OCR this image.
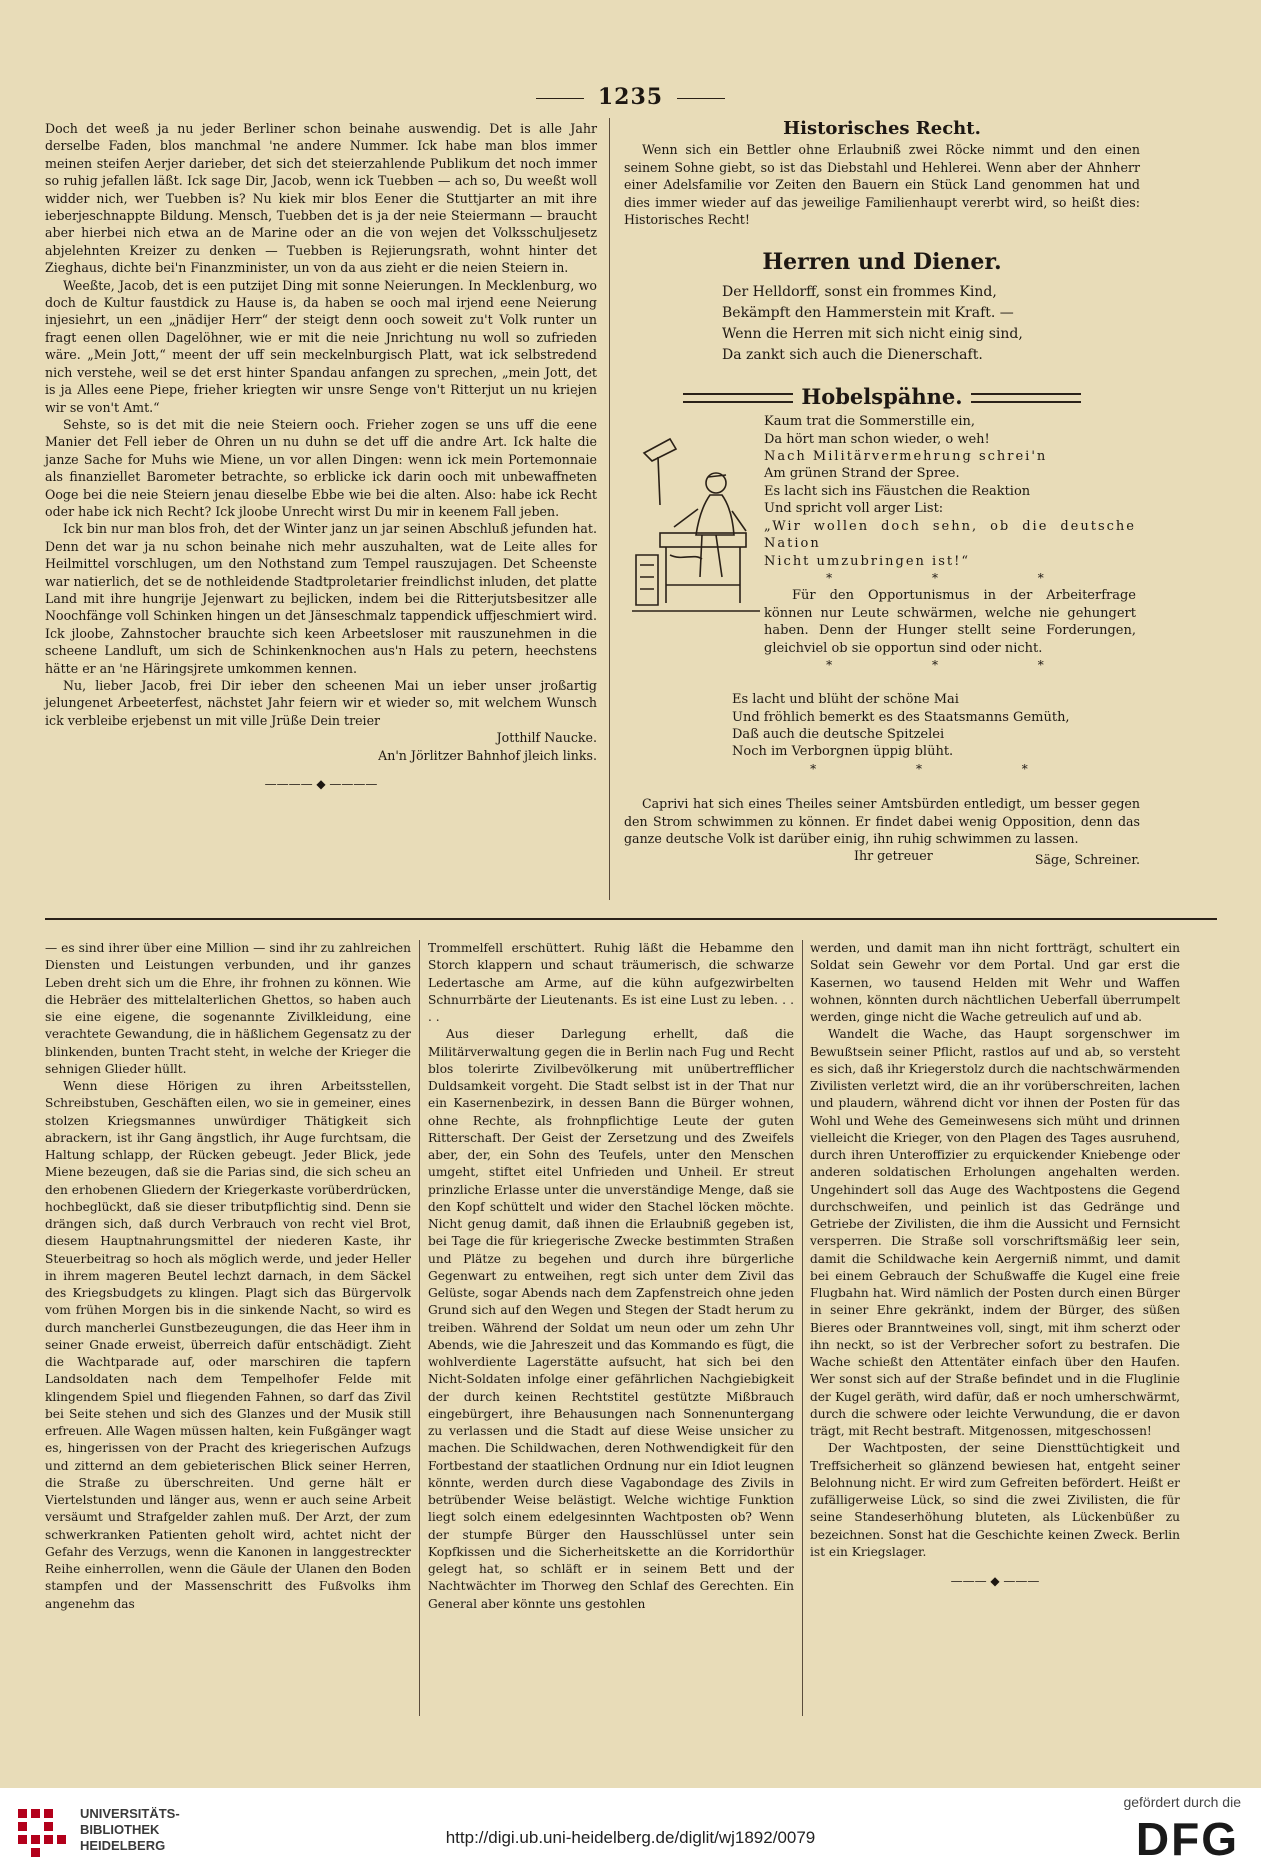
1235

Doch det weeß ja nu jeder Berliner schon beinahe auswendig. Det is alle Jahr derselbe Faden, blos manchmal 'ne andere Nummer. Ick habe man blos immer meinen steifen Aerjer darieber, det sich det steierzahlende Publikum det noch immer so ruhig jefallen läßt. Ick sage Dir, Jacob, wenn ick Tuebben — ach so, Du weeßt woll widder nich, wer Tuebben is? Nu kiek mir blos Eener die Stuttjarter an mit ihre ieberjeschnappte Bildung. Mensch, Tuebben det is ja der neie Steiermann — braucht aber hierbei nich etwa an de Marine oder an die von wejen det Volksschuljesetz abjelehnten Kreizer zu denken — Tuebben is Rejierungsrath, wohnt hinter det Zieghaus, dichte bei'n Finanzminister, un von da aus zieht er die neien Steiern in.

Weeßte, Jacob, det is een putzijet Ding mit sonne Neierungen. In Mecklenburg, wo doch de Kultur faustdick zu Hause is, da haben se ooch mal irjend eene Neierung injesiehrt, un een „jnädijer Herr“ der steigt denn ooch soweit zu't Volk runter un fragt eenen ollen Dagelöhner, wie er mit die neie Jnrichtung nu woll so zufrieden wäre. „Mein Jott,“ meent der uff sein meckelnburgisch Platt, wat ick selbstredend nich verstehe, weil se det erst hinter Spandau anfangen zu sprechen, „mein Jott, det is ja Alles eene Piepe, frieher kriegten wir unsre Senge von't Ritterjut un nu kriejen wir se von't Amt.“

Sehste, so is det mit die neie Steiern ooch. Frieher zogen se uns uff die eene Manier det Fell ieber de Ohren un nu duhn se det uff die andre Art. Ick halte die janze Sache for Muhs wie Miene, un vor allen Dingen: wenn ick mein Portemonnaie als finanziellet Barometer betrachte, so erblicke ick darin ooch mit unbewaffneten Ooge bei die neie Steiern jenau dieselbe Ebbe wie bei die alten. Also: habe ick Recht oder habe ick nich Recht? Ick jloobe Unrecht wirst Du mir in keenem Fall jeben.

Ick bin nur man blos froh, det der Winter janz un jar seinen Abschluß jefunden hat. Denn det war ja nu schon beinahe nich mehr auszuhalten, wat de Leite alles for Heilmittel vorschlugen, um den Nothstand zum Tempel rauszujagen. Det Scheenste war natierlich, det se de nothleidende Stadtproletarier freindlichst inluden, det platte Land mit ihre hungrije Jejenwart zu bejlicken, indem bei die Ritterjutsbesitzer alle Noochfänge voll Schinken hingen un det Jänseschmalz tappendick uffjeschmiert wird. Ick jloobe, Zahnstocher brauchte sich keen Arbeetsloser mit rauszunehmen in die scheene Landluft, um sich de Schinkenknochen aus'n Hals zu petern, heechstens hätte er an 'ne Häringsjrete umkommen kennen.

Nu, lieber Jacob, frei Dir ieber den scheenen Mai un ieber unser jroßartig jelungenet Arbeeterfest, nächstet Jahr feiern wir et wieder so, mit welchem Wunsch ick verbleibe erjebenst un mit ville Jrüße Dein treier

Jotthilf Naucke.

An'n Jörlitzer Bahnhof jleich links.

———— ◆ ————
Historisches Recht.

Wenn sich ein Bettler ohne Erlaubniß zwei Röcke nimmt und den einen seinem Sohne giebt, so ist das Diebstahl und Hehlerei. Wenn aber der Ahnherr einer Adelsfamilie vor Zeiten den Bauern ein Stück Land genommen hat und dies immer wieder auf das jeweilige Familienhaupt vererbt wird, so heißt dies: Historisches Recht!

Herren und Diener.
Der Helldorff, sonst ein frommes Kind,
Bekämpft den Hammerstein mit Kraft. —
Wenn die Herren mit sich nicht einig sind,
Da zankt sich auch die Dienerschaft.
Hobelspähne.
Kaum trat die Sommerstille ein,
Da hört man schon wieder, o weh!
Nach Militärvermehrung schrei'n
Am grünen Strand der Spree.
Es lacht sich ins Fäustchen die Reaktion
Und spricht voll arger List:
„Wir wollen doch sehn, ob die deutsche Nation
Nicht umzubringen ist!“

* * *

Für den Opportunismus in der Arbeiterfrage können nur Leute schwärmen, welche nie gehungert haben. Denn der Hunger stellt seine Forderungen, gleichviel ob sie opportun sind oder nicht.

* * *

Es lacht und blüht der schöne Mai
Und fröhlich bemerkt es des Staatsmanns Gemüth,
Daß auch die deutsche Spitzelei
Noch im Verborgnen üppig blüht.

* * *

Caprivi hat sich eines Theiles seiner Amtsbürden entledigt, um besser gegen den Strom schwimmen zu können. Er findet dabei wenig Opposition, denn das ganze deutsche Volk ist darüber einig, ihn ruhig schwimmen zu lassen.

Ihr getreuer	Säge, Schreiner.

— es sind ihrer über eine Million — sind ihr zu zahlreichen Diensten und Leistungen verbunden, und ihr ganzes Leben dreht sich um die Ehre, ihr frohnen zu können. Wie die Hebräer des mittelalterlichen Ghettos, so haben auch sie eine eigene, die sogenannte Zivilkleidung, eine verachtete Gewandung, die in häßlichem Gegensatz zu der blinkenden, bunten Tracht steht, in welche der Krieger die sehnigen Glieder hüllt.

Wenn diese Hörigen zu ihren Arbeitsstellen, Schreibstuben, Geschäften eilen, wo sie in gemeiner, eines stolzen Kriegsmannes unwürdiger Thätigkeit sich abrackern, ist ihr Gang ängstlich, ihr Auge furchtsam, die Haltung schlapp, der Rücken gebeugt. Jeder Blick, jede Miene bezeugen, daß sie die Parias sind, die sich scheu an den erhobenen Gliedern der Kriegerkaste vorüberdrücken, hochbeglückt, daß sie dieser tributpflichtig sind. Denn sie drängen sich, daß durch Verbrauch von recht viel Brot, diesem Hauptnahrungsmittel der niederen Kaste, ihr Steuerbeitrag so hoch als möglich werde, und jeder Heller in ihrem mageren Beutel lechzt darnach, in dem Säckel des Kriegsbudgets zu klingen. Plagt sich das Bürgervolk vom frühen Morgen bis in die sinkende Nacht, so wird es durch mancherlei Gunstbezeugungen, die das Heer ihm in seiner Gnade erweist, überreich dafür entschädigt. Zieht die Wachtparade auf, oder marschiren die tapfern Landsoldaten nach dem Tempelhofer Felde mit klingendem Spiel und fliegenden Fahnen, so darf das Zivil bei Seite stehen und sich des Glanzes und der Musik still erfreuen. Alle Wagen müssen halten, kein Fußgänger wagt es, hingerissen von der Pracht des kriegerischen Aufzugs und zitternd an dem gebieterischen Blick seiner Herren, die Straße zu überschreiten. Und gerne hält er Viertelstunden und länger aus, wenn er auch seine Arbeit versäumt und Strafgelder zahlen muß. Der Arzt, der zum schwerkranken Patienten geholt wird, achtet nicht der Gefahr des Verzugs, wenn die Kanonen in langgestreckter Reihe einherrollen, wenn die Gäule der Ulanen den Boden stampfen und der Massenschritt des Fußvolks ihm angenehm das

Trommelfell erschüttert. Ruhig läßt die Hebamme den Storch klappern und schaut träumerisch, die schwarze Ledertasche am Arme, auf die kühn aufgezwirbelten Schnurrbärte der Lieutenants. Es ist eine Lust zu leben. . . . .

Aus dieser Darlegung erhellt, daß die Militärverwaltung gegen die in Berlin nach Fug und Recht blos tolerirte Zivilbevölkerung mit unübertrefflicher Duldsamkeit vorgeht. Die Stadt selbst ist in der That nur ein Kasernenbezirk, in dessen Bann die Bürger wohnen, ohne Rechte, als frohnpflichtige Leute der guten Ritterschaft. Der Geist der Zersetzung und des Zweifels aber, der, ein Sohn des Teufels, unter den Menschen umgeht, stiftet eitel Unfrieden und Unheil. Er streut prinzliche Erlasse unter die unverständige Menge, daß sie den Kopf schüttelt und wider den Stachel löcken möchte. Nicht genug damit, daß ihnen die Erlaubniß gegeben ist, bei Tage die für kriegerische Zwecke bestimmten Straßen und Plätze zu begehen und durch ihre bürgerliche Gegenwart zu entweihen, regt sich unter dem Zivil das Gelüste, sogar Abends nach dem Zapfenstreich ohne jeden Grund sich auf den Wegen und Stegen der Stadt herum zu treiben. Während der Soldat um neun oder um zehn Uhr Abends, wie die Jahreszeit und das Kommando es fügt, die wohlverdiente Lagerstätte aufsucht, hat sich bei den Nicht-Soldaten infolge einer gefährlichen Nachgiebigkeit der durch keinen Rechtstitel gestützte Mißbrauch eingebürgert, ihre Behausungen nach Sonnenuntergang zu verlassen und die Stadt auf diese Weise unsicher zu machen. Die Schildwachen, deren Nothwendigkeit für den Fortbestand der staatlichen Ordnung nur ein Idiot leugnen könnte, werden durch diese Vagabondage des Zivils in betrübender Weise belästigt. Welche wichtige Funktion liegt solch einem edelgesinnten Wachtposten ob? Wenn der stumpfe Bürger den Hausschlüssel unter sein Kopfkissen und die Sicherheitskette an die Korridorthür gelegt hat, so schläft er in seinem Bett und der Nachtwächter im Thorweg den Schlaf des Gerechten. Ein General aber könnte uns gestohlen

werden, und damit man ihn nicht fortträgt, schultert ein Soldat sein Gewehr vor dem Portal. Und gar erst die Kasernen, wo tausend Helden mit Wehr und Waffen wohnen, könnten durch nächtlichen Ueberfall überrumpelt werden, ginge nicht die Wache getreulich auf und ab.

Wandelt die Wache, das Haupt sorgenschwer im Bewußtsein seiner Pflicht, rastlos auf und ab, so versteht es sich, daß ihr Kriegerstolz durch die nachtschwärmenden Zivilisten verletzt wird, die an ihr vorüberschreiten, lachen und plaudern, während dicht vor ihnen der Posten für das Wohl und Wehe des Gemeinwesens sich müht und drinnen vielleicht die Krieger, von den Plagen des Tages ausruhend, durch ihren Unteroffizier zu erquickender Kniebenge oder anderen soldatischen Erholungen angehalten werden. Ungehindert soll das Auge des Wachtpostens die Gegend durchschweifen, und peinlich ist das Gedränge und Getriebe der Zivilisten, die ihm die Aussicht und Fernsicht versperren. Die Straße soll vorschriftsmäßig leer sein, damit die Schildwache kein Aergerniß nimmt, und damit bei einem Gebrauch der Schußwaffe die Kugel eine freie Flugbahn hat. Wird nämlich der Posten durch einen Bürger in seiner Ehre gekränkt, indem der Bürger, des süßen Bieres oder Branntweines voll, singt, mit ihm scherzt oder ihn neckt, so ist der Verbrecher sofort zu bestrafen. Die Wache schießt den Attentäter einfach über den Haufen. Wer sonst sich auf der Straße befindet und in die Fluglinie der Kugel geräth, wird dafür, daß er noch umherschwärmt, durch die schwere oder leichte Verwundung, die er davon trägt, mit Recht bestraft. Mitgenossen, mitgeschossen!

Der Wachtposten, der seine Diensttüchtigkeit und Treffsicherheit so glänzend bewiesen hat, entgeht seiner Belohnung nicht. Er wird zum Gefreiten befördert. Heißt er zufälligerweise Lück, so sind die zwei Zivilisten, die für seine Standeserhöhung bluteten, als Lückenbüßer zu bezeichnen. Sonst hat die Geschichte keinen Zweck. Berlin ist ein Kriegslager.

——— ◆ ———
UNIVERSITÄTS-
BIBLIOTHEK
HEIDELBERG	http://digi.ub.uni-heidelberg.de/diglit/wj1892/0079
gefördert durch die
DFG
